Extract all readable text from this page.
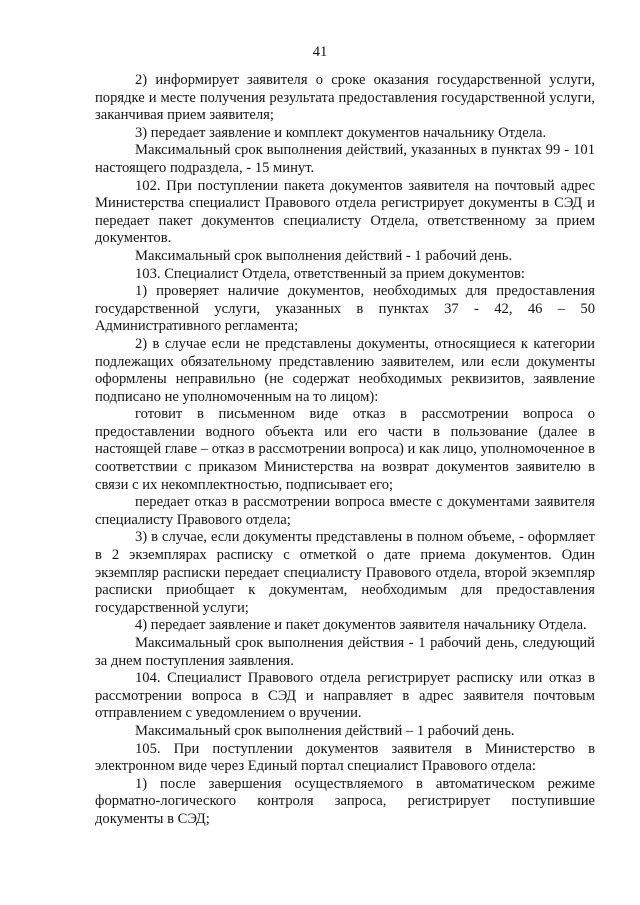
41

2) информирует заявителя о сроке оказания государственной услуги, порядке и месте получения результата предоставления государственной услуги, заканчивая прием заявителя;

3) передает заявление и комплект документов начальнику Отдела.

Максимальный срок выполнения действий, указанных в пунктах 99 - 101 настоящего подраздела, - 15 минут.

102. При поступлении пакета документов заявителя на почтовый адрес Министерства специалист Правового отдела регистрирует документы в СЭД и передает пакет документов специалисту Отдела, ответственному за прием документов.

Максимальный срок выполнения действий - 1 рабочий день.

103. Специалист Отдела, ответственный за прием документов:

1) проверяет наличие документов, необходимых для предоставления государственной услуги, указанных в пунктах 37 - 42, 46 – 50 Административного регламента;

2) в случае если не представлены документы, относящиеся к категории подлежащих обязательному представлению заявителем, или если документы оформлены неправильно (не содержат необходимых реквизитов, заявление подписано не уполномоченным на то лицом):

готовит в письменном виде отказ в рассмотрении вопроса о предоставлении водного объекта или его части в пользование (далее в настоящей главе – отказ в рассмотрении вопроса) и как лицо, уполномоченное в соответствии с приказом Министерства на возврат документов заявителю в связи с их некомплектностью, подписывает его;

передает отказ в рассмотрении вопроса вместе с документами заявителя специалисту Правового отдела;

3) в случае, если документы представлены в полном объеме, - оформляет в 2 экземплярах расписку с отметкой о дате приема документов. Один экземпляр расписки передает специалисту Правового отдела, второй экземпляр расписки приобщает к документам, необходимым для предоставления государственной услуги;

4) передает заявление и пакет документов заявителя начальнику Отдела.

Максимальный срок выполнения действия - 1 рабочий день, следующий за днем поступления заявления.

104. Специалист Правового отдела регистрирует расписку или отказ в рассмотрении вопроса в СЭД и направляет в адрес заявителя почтовым отправлением с уведомлением о вручении.

Максимальный срок выполнения действий – 1 рабочий день.

105. При поступлении документов заявителя в Министерство в электронном виде через Единый портал специалист Правового отдела:

1) после завершения осуществляемого в автоматическом режиме форматно-логического контроля запроса, регистрирует поступившие документы в СЭД;
